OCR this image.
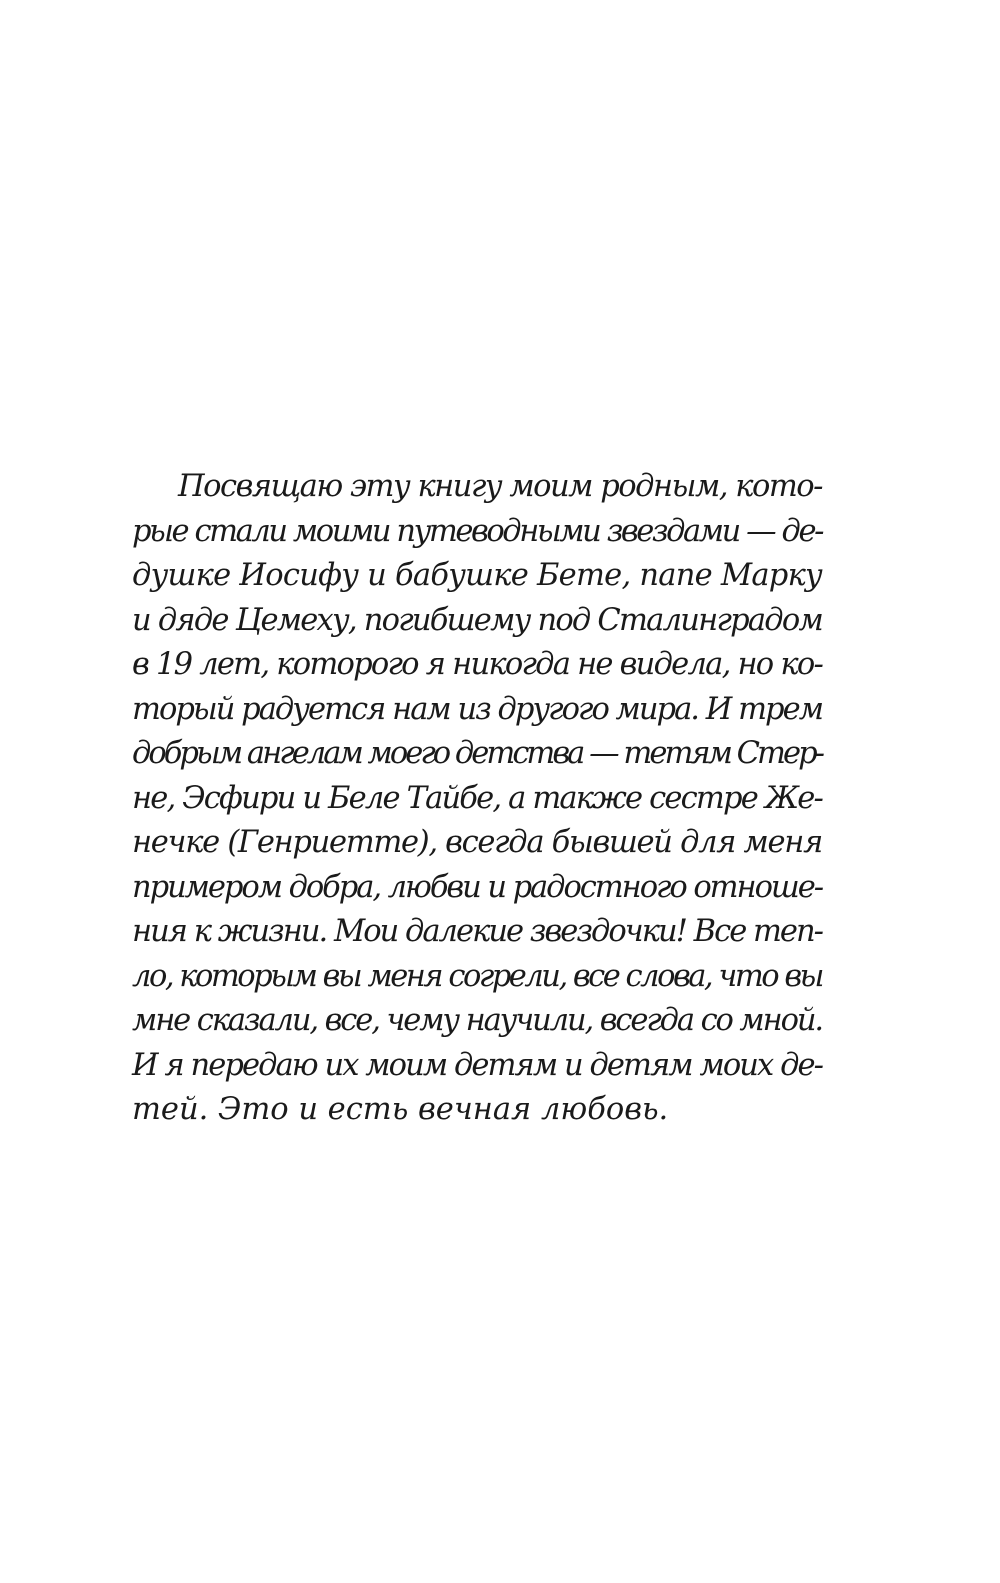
Посвящаю эту книгу моим родным, кото-
рые стали моими путеводными звездами — де-
душке Иосифу и бабушке Бете, папе Марку
и дяде Цемеху, погибшему под Сталинградом
в 19 лет, которого я никогда не видела, но ко-
торый радуется нам из другого мира. И трем
добрым ангелам моего детства — тетям Стер-
не, Эсфири и Беле Тайбе, а также сестре Же-
нечке (Генриетте), всегда бывшей для меня
примером добра, любви и радостного отноше-
ния к жизни. Мои далекие звездочки! Все теп-
ло, которым вы меня согрели, все слова, что вы
мне сказали, все, чему научили, всегда со мной.
И я передаю их моим детям и детям моих де-
тей. Это и есть вечная любовь.
